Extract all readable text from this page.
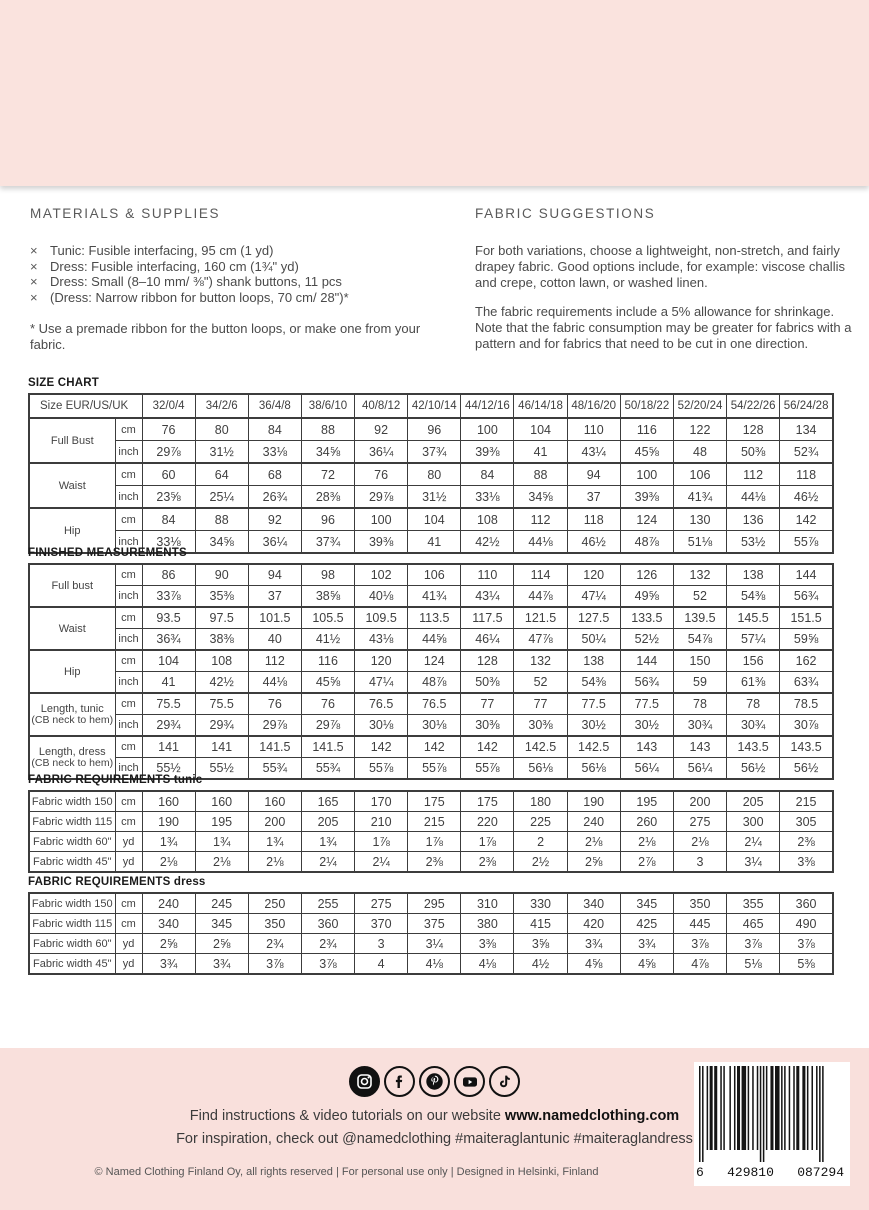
MATERIALS & SUPPLIES
× Tunic: Fusible interfacing, 95 cm (1 yd)
× Dress: Fusible interfacing, 160 cm (1¾" yd)
× Dress: Small (8–10 mm/ ⅜") shank buttons, 11 pcs
× (Dress: Narrow ribbon for button loops, 70 cm/ 28")*

* Use a premade ribbon for the button loops, or make one from your fabric.

FABRIC SUGGESTIONS

For both variations, choose a lightweight, non-stretch, and fairly drapey fabric. Good options include, for example: viscose challis and crepe, cotton lawn, or washed linen.

The fabric requirements include a 5% allowance for shrinkage. Note that the fabric consumption may be greater for fabrics with a pattern and for fabrics that need to be cut in one direction.

SIZE CHART
Size EUR/US/UK		32/0/4	34/2/6	36/4/8	38/6/10	40/8/12	42/10/14	44/12/16	46/14/18	48/16/20	50/18/22	52/20/24	54/22/26	56/24/28

Full Bust	cm	76	80	84	88	92	96	100	104	110	116	122	128	134
	inch	29⅞	31½	33⅛	34⅝	36¼	37¾	39⅜	41	43¼	45⅝	48	50⅜	52¾

Waist	cm	60	64	68	72	76	80	84	88	94	100	106	112	118
	inch	23⅝	25¼	26¾	28⅜	29⅞	31½	33⅛	34⅝	37	39⅜	41¾	44⅛	46½

Hip	cm	84	88	92	96	100	104	108	112	118	124	130	136	142
	inch	33⅛	34⅝	36¼	37¾	39⅜	41	42½	44⅛	46½	48⅞	51⅛	53½	55⅞
FINISHED MEASUREMENTS
Full bust	cm	86	90	94	98	102	106	110	114	120	126	132	138	144
	inch	33⅞	35⅜	37	38⅝	40⅛	41¾	43¼	44⅞	47¼	49⅝	52	54⅜	56¾

Waist	cm	93.5	97.5	101.5	105.5	109.5	113.5	117.5	121.5	127.5	133.5	139.5	145.5	151.5
	inch	36¾	38⅜	40	41½	43⅛	44⅝	46¼	47⅞	50¼	52½	54⅞	57¼	59⅝

Hip	cm	104	108	112	116	120	124	128	132	138	144	150	156	162
	inch	41	42½	44⅛	45⅝	47¼	48⅞	50⅜	52	54⅜	56¾	59	61⅜	63¾

Length, tunic
(CB neck to hem)	cm	75.5	75.5	76	76	76.5	76.5	77	77	77.5	77.5	78	78	78.5
	inch	29¾	29¾	29⅞	29⅞	30⅛	30⅛	30⅜	30⅜	30½	30½	30¾	30¾	30⅞

Length, dress
(CB neck to hem)	cm	141	141	141.5	141.5	142	142	142	142.5	142.5	143	143	143.5	143.5
	inch	55½	55½	55¾	55¾	55⅞	55⅞	55⅞	56⅛	56⅛	56¼	56¼	56½	56½
FABRIC REQUIREMENTS tunic
Fabric width 150	cm	160	160	160	165	170	175	175	180	190	195	200	205	215
Fabric width 115	cm	190	195	200	205	210	215	220	225	240	260	275	300	305
Fabric width 60"	yd	1¾	1¾	1¾	1¾	1⅞	1⅞	1⅞	2	2⅛	2⅛	2⅛	2¼	2⅜
Fabric width 45"	yd	2⅛	2⅛	2⅛	2¼	2¼	2⅜	2⅜	2½	2⅝	2⅞	3	3¼	3⅜
FABRIC REQUIREMENTS dress
Fabric width 150	cm	240	245	250	255	275	295	310	330	340	345	350	355	360
Fabric width 115	cm	340	345	350	360	370	375	380	415	420	425	445	465	490
Fabric width 60"	yd	2⅝	2⅝	2¾	2¾	3	3¼	3⅜	3⅝	3¾	3¾	3⅞	3⅞	3⅞
Fabric width 45"	yd	3¾	3¾	3⅞	3⅞	4	4⅛	4⅛	4½	4⅝	4⅝	4⅞	5⅛	5⅜
Find instructions & video tutorials on our website www.namedclothing.com
For inspiration, check out @namedclothing #maiteraglantunic #maiteraglandress
© Named Clothing Finland Oy, all rights reserved | For personal use only | Designed in Helsinki, Finland	6 429810 087294
